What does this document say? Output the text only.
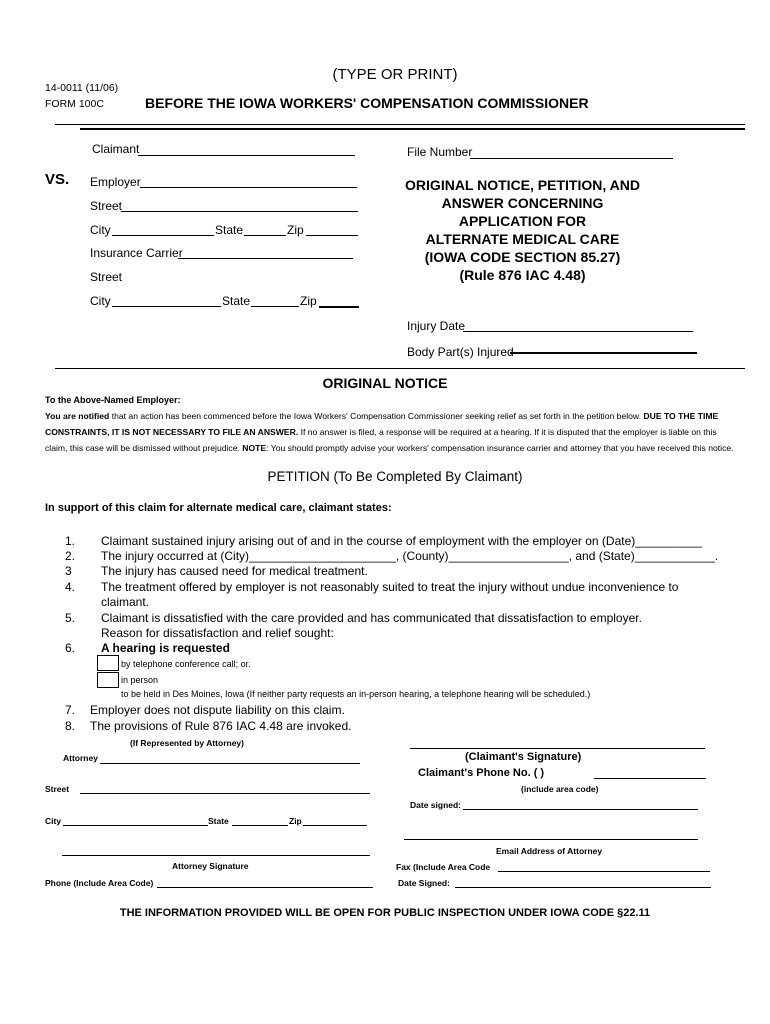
(TYPE OR PRINT)
14-0011 (11/06)
FORM 100C	BEFORE THE IOWA WORKERS' COMPENSATION COMMISSIONER
Claimant	File Number
VS. Employer
Street
City	State	Zip
Insurance Carrier
Street
City	State	Zip
ORIGINAL NOTICE, PETITION, AND
ANSWER CONCERNING APPLICATION FOR
ALTERNATE MEDICAL CARE
(IOWA CODE SECTION 85.27)
(Rule 876 IAC 4.48)
Injury Date
Body Part(s) Injured
ORIGINAL NOTICE
To the Above-Named Employer:
You are notified that an action has been commenced before the Iowa Workers' Compensation Commissioner seeking relief as set forth in the petition below. DUE TO THE TIME CONSTRAINTS, IT IS NOT NECESSARY TO FILE AN ANSWER. If no answer is filed, a response will be required at a hearing. If it is disputed that the employer is liable on this claim, this case will be dismissed without prejudice. NOTE: You should promptly advise your workers' compensation insurance carrier and attorney that you have received this notice.
PETITION (To Be Completed By Claimant)
In support of this claim for alternate medical care, claimant states:
1. Claimant sustained injury arising out of and in the course of employment with the employer on (Date)__________
2. The injury occurred at (City)______________________, (County)__________________, and (State)____________.
3 The injury has caused need for medical treatment.
4. The treatment offered by employer is not reasonably suited to treat the injury without undue inconvenience to
claimant.
5. Claimant is dissatisfied with the care provided and has communicated that dissatisfaction to employer.
Reason for dissatisfaction and relief sought:
6. A hearing is requested
by telephone conference call; or.
in person
to be held in Des Moines, Iowa (If neither party requests an in-person hearing, a telephone hearing will be scheduled.)
7. Employer does not dispute liability on this claim.
8. The provisions of Rule 876 IAC 4.48 are invoked.
(If Represented by Attorney)
Attorney
Street
City	State	Zip
Attorney Signature
Phone (Include Area Code)
(Claimant's Signature)
Claimant's Phone No. ( )
(include area code)
Date signed:
Email Address of Attorney
Fax (Include Area Code
Date Signed:
THE INFORMATION PROVIDED WILL BE OPEN FOR PUBLIC INSPECTION UNDER IOWA CODE §22.11
